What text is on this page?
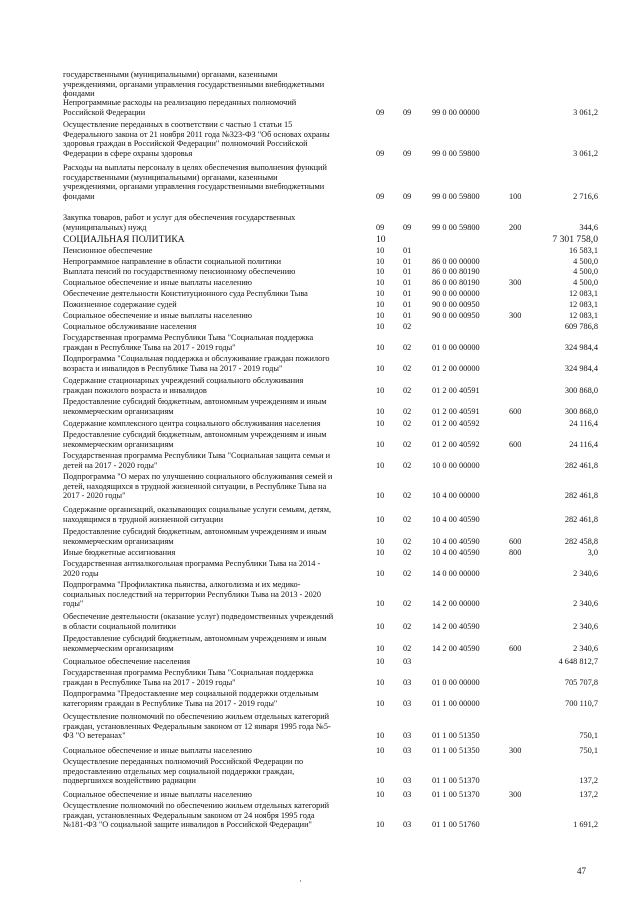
государственными (муниципальными) органами, казенными
учреждениями, органами управления государственными внебюджетными
фондами
Непрограммные расходы на реализацию переданных полномочий
Российской Федерации	09 09 99 0 00 00000	3 061,2
Осуществление переданных в соответствии с частью 1 статьи 15
Федерального закона от 21 ноября 2011 года №323-ФЗ "Об основах охраны
здоровья граждан в Российской Федерации" полномочий Российской
Федерации в сфере охраны здоровья	09 09 99 0 00 59800	3 061,2
Расходы на выплаты персоналу в целях обеспечения выполнения функций
государственными (муниципальными) органами, казенными
учреждениями, органами управления государственными внебюджетными
фондами	09 09 99 0 00 59800	100	2 716,6
Закупка товаров, работ и услуг для обеспечения государственных
(муниципальных) нужд	09 09 99 0 00 59800	200	344,6
СОЦИАЛЬНАЯ ПОЛИТИКА	10	7 301 758,0
Пенсионное обеспечение	10 01	16 583,1
Непрограммное направление в области социальной политики	10 01 86 0 00 00000	4 500,0
Выплата пенсий по государственному пенсионному обеспечению	10 01 86 0 00 80190	4 500,0
Социальное обеспечение и иные выплаты населению	10 01 86 0 00 80190	300	4 500,0
Обеспечение деятельности Конституционного суда Республики Тыва	10 01 90 0 00 00000	12 083,1
Пожизненное содержание судей	10 01 90 0 00 00950	12 083,1
Социальное обеспечение и иные выплаты населению	10 01 90 0 00 00950	300	12 083,1
Социальное обслуживание населения	10 02	609 786,8
Государственная программа Республики Тыва "Социальная поддержка
граждан в Республике Тыва на 2017 - 2019 годы"	10 02 01 0 00 00000	324 984,4
Подпрограмма "Социальная поддержка и обслуживание граждан пожилого
возраста и инвалидов в Республике Тыва на 2017 - 2019 годы"	10 02 01 2 00 00000	324 984,4
Содержание стационарных учреждений социального обслуживания
граждан пожилого возраста и инвалидов	10 02 01 2 00 40591	300 868,0
Предоставление субсидий бюджетным, автономным учреждениям и иным
некоммерческим организациям	10 02 01 2 00 40591	600	300 868,0
Содержание комплексного центра социального обслуживания населения	10 02 01 2 00 40592	24 116,4
Предоставление субсидий бюджетным, автономным учреждениям и иным
некоммерческим организациям	10 02 01 2 00 40592	600	24 116,4
Государственная программа Республики Тыва "Социальная защита семьи и
детей на 2017 - 2020 годы"	10 02 10 0 00 00000	282 461,8
Подпрограмма "О мерах по улучшению социального обслуживания семей и
детей, находящихся в трудной жизненной ситуации, в Республике Тыва на
2017 - 2020 годы"	10 02 10 4 00 00000	282 461,8
Содержание организаций, оказывающих социальные услуги семьям, детям,
находящимся в трудной жизненной ситуации	10 02 10 4 00 40590	282 461,8
Предоставление субсидий бюджетным, автономным учреждениям и иным
некоммерческим организациям	10 02 10 4 00 40590	600	282 458,8
Иные бюджетные ассигнования	10 02 10 4 00 40590	800	3,0
Государственная антиалкогольная программа Республики Тыва на 2014 -
2020 годы	10 02 14 0 00 00000	2 340,6
Подпрограмма "Профилактика пьянства, алкоголизма и их медико-
социальных последствий на территории Республики Тыва на 2013 - 2020
годы"	10 02 14 2 00 00000	2 340,6
Обеспечение деятельности (оказание услуг) подведомственных учреждений
в области социальной политики	10 02 14 2 00 40590	2 340,6
Предоставление субсидий бюджетным, автономным учреждениям и иным
некоммерческим организациям	10 02 14 2 00 40590	600	2 340,6
Социальное обеспечение населения	10 03	4 648 812,7
Государственная программа Республики Тыва "Социальная поддержка
граждан в Республике Тыва на 2017 - 2019 годы"	10 03 01 0 00 00000	705 707,8
Подпрограмма "Предоставление мер социальной поддержки отдельным
категориям граждан в Республике Тыва на 2017 - 2019 годы"	10 03 01 1 00 00000	700 110,7
Осуществление полномочий по обеспечению жильем отдельных категорий
граждан, установленных Федеральным законом от 12 января 1995 года №5-
ФЗ "О ветеранах"	10 03 01 1 00 51350	750,1
Социальное обеспечение и иные выплаты населению	10 03 01 1 00 51350	300	750,1
Осуществление переданных полномочий Российской Федерации по
предоставлению отдельных мер социальной поддержки граждан,
подвергшихся воздействию радиации	10 03 01 1 00 51370	137,2
Социальное обеспечение и иные выплаты населению	10 03 01 1 00 51370	300	137,2
Осуществление полномочий по обеспечению жильем отдельных категорий
граждан, установленных Федеральным законом от 24 ноября 1995 года
№181-ФЗ "О социальной защите инвалидов в Российской Федерации"	10 03 01 1 00 51760	1 691,2
47
